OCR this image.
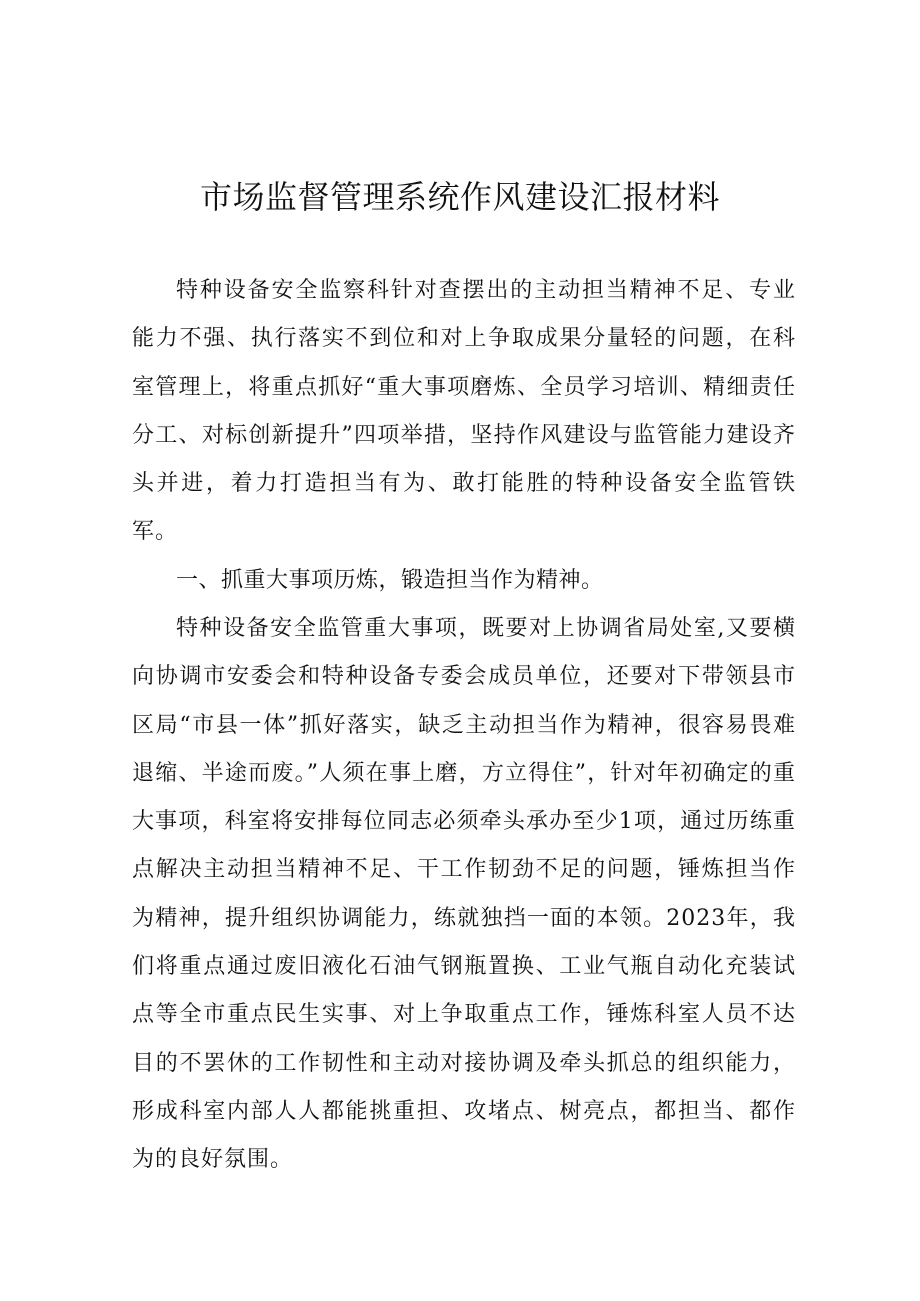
市场监督管理系统作风建设汇报材料

特种设备安全监察科针对查摆出的主动担当精神不足、专业能力不强、执行落实不到位和对上争取成果分量轻的问题，在科室管理上，将重点抓好“重大事项磨炼、全员学习培训、精细责任分工、对标创新提升”四项举措，坚持作风建设与监管能力建设齐头并进，着力打造担当有为、敢打能胜的特种设备安全监管铁军。

一、抓重大事项历炼，锻造担当作为精神。

特种设备安全监管重大事项，既要对上协调省局处室,又要横向协调市安委会和特种设备专委会成员单位，还要对下带领县市区局“市县一体”抓好落实，缺乏主动担当作为精神，很容易畏难退缩、半途而废。”人须在事上磨，方立得住”，针对年初确定的重大事项，科室将安排每位同志必须牵头承办至少1项，通过历练重点解决主动担当精神不足、干工作韧劲不足的问题，锤炼担当作为精神，提升组织协调能力，练就独挡一面的本领。2023年，我们将重点通过废旧液化石油气钢瓶置换、工业气瓶自动化充装试点等全市重点民生实事、对上争取重点工作，锤炼科室人员不达目的不罢休的工作韧性和主动对接协调及牵头抓总的组织能力，形成科室内部人人都能挑重担、攻堵点、树亮点，都担当、都作为的良好氛围。
